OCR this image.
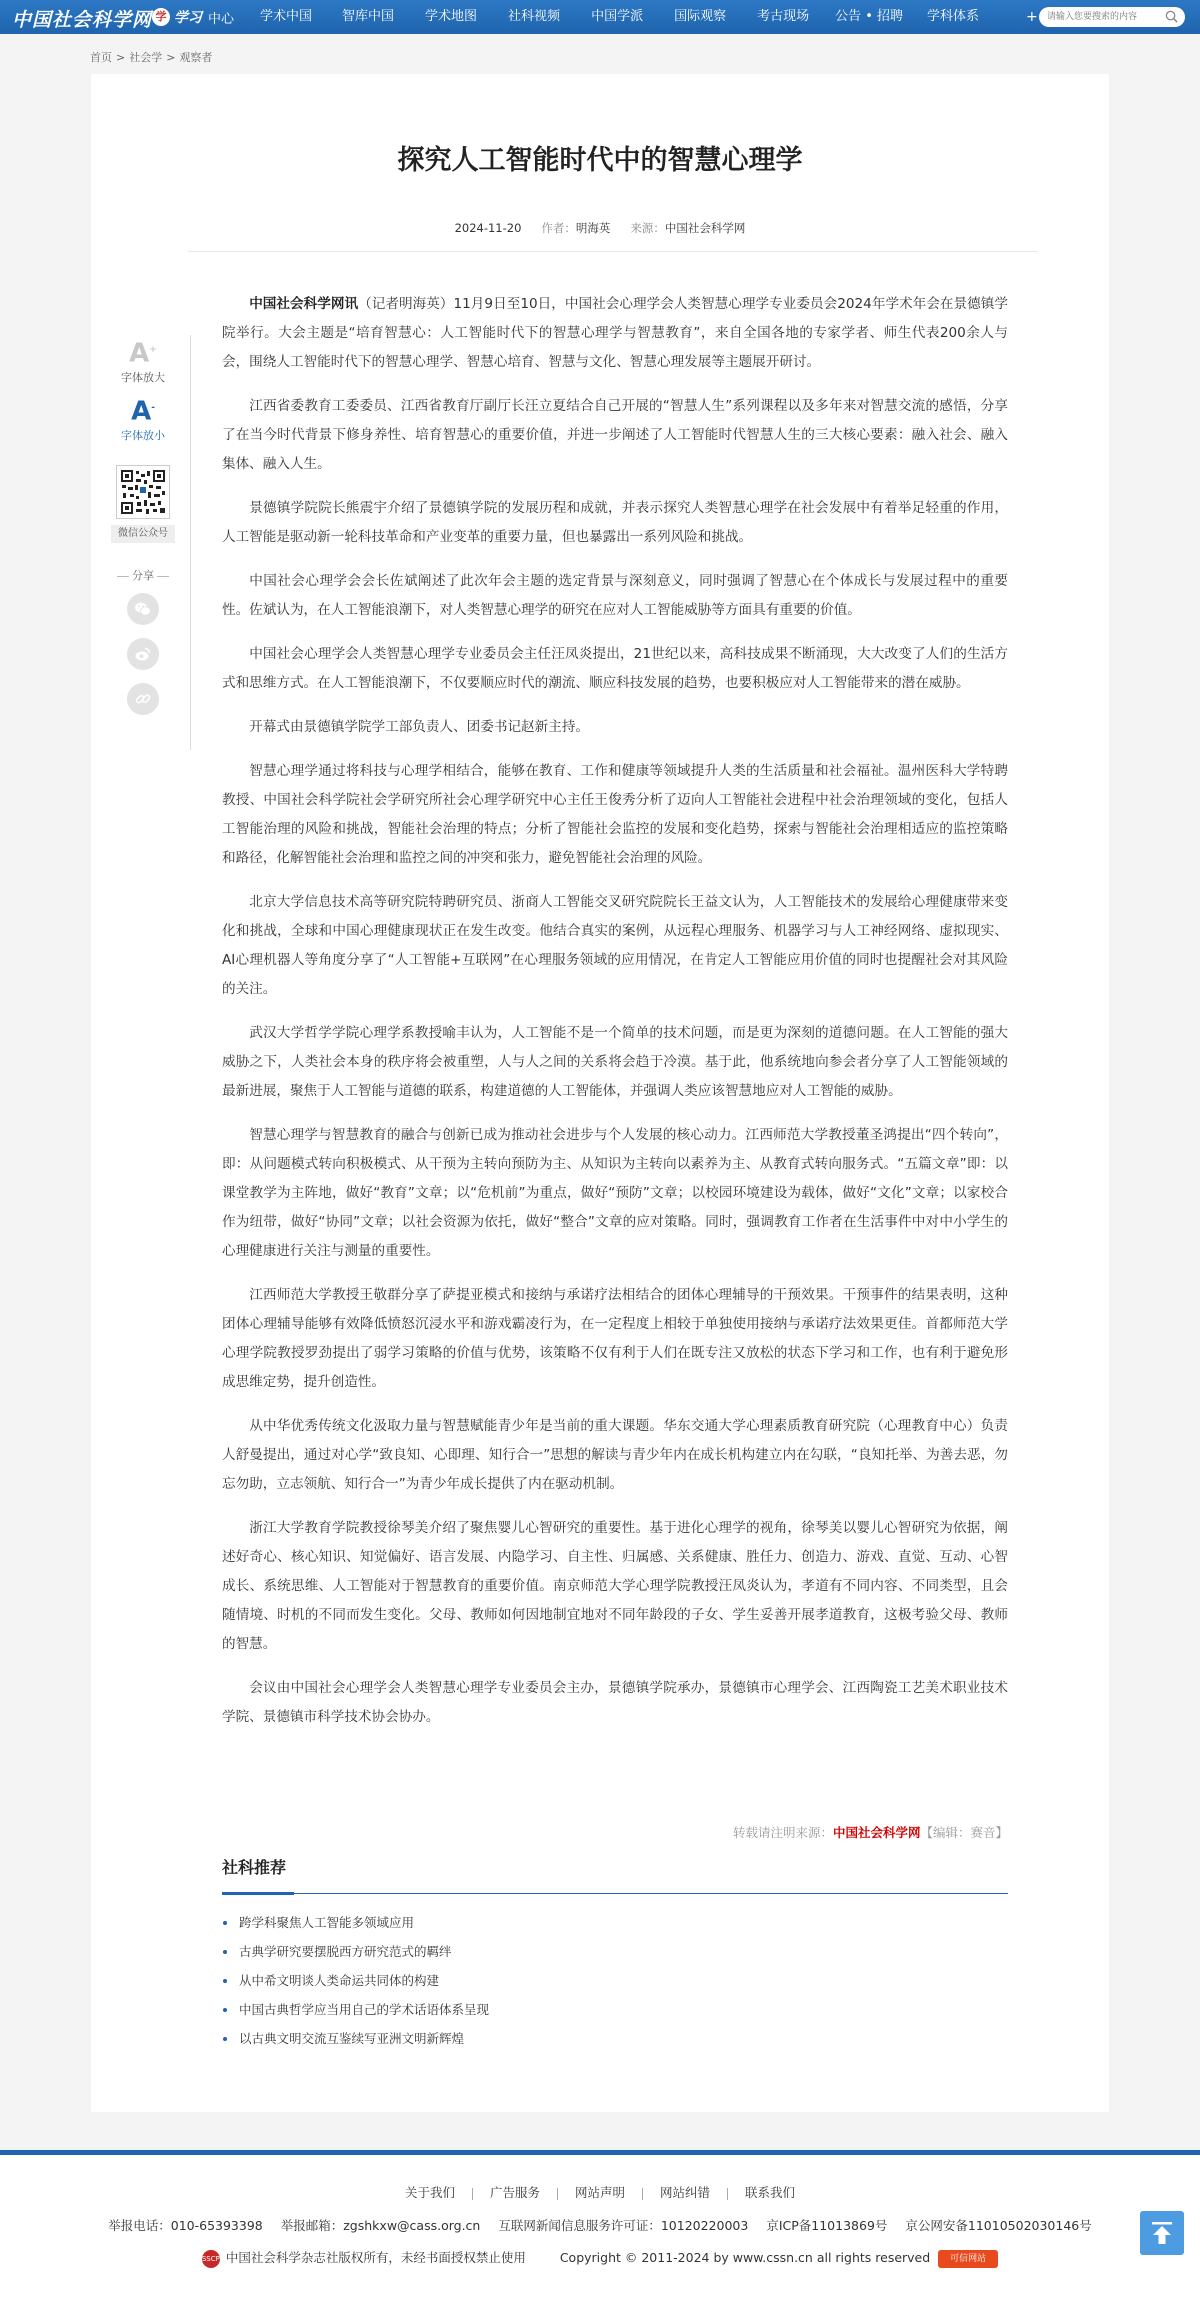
中国社会科学网 学 学习 中心 学术中国 智库中国 学术地图 社科视频 中国学派 国际观察 考古现场 公告 • 招聘 学科体系	+
请输入您要搜索的内容
首页 > 社会学 > 观察者
探究人工智能时代中的智慧心理学
2024-11-20 作者：明海英 来源：中国社会科学网
A+
字体放大
A-
字体放小
微信公众号
分享

中国社会科学网讯（记者明海英）11月9日至10日，中国社会心理学会人类智慧心理学专业委员会2024年学术年会在景德镇学院举行。大会主题是“培育智慧心：人工智能时代下的智慧心理学与智慧教育”，来自全国各地的专家学者、师生代表200余人与会，围绕人工智能时代下的智慧心理学、智慧心培育、智慧与文化、智慧心理发展等主题展开研讨。

江西省委教育工委委员、江西省教育厅副厅长汪立夏结合自己开展的“智慧人生”系列课程以及多年来对智慧交流的感悟，分享了在当今时代背景下修身养性、培育智慧心的重要价值，并进一步阐述了人工智能时代智慧人生的三大核心要素：融入社会、融入集体、融入人生。

景德镇学院院长熊震宇介绍了景德镇学院的发展历程和成就，并表示探究人类智慧心理学在社会发展中有着举足轻重的作用，人工智能是驱动新一轮科技革命和产业变革的重要力量，但也暴露出一系列风险和挑战。

中国社会心理学会会长佐斌阐述了此次年会主题的选定背景与深刻意义，同时强调了智慧心在个体成长与发展过程中的重要性。佐斌认为，在人工智能浪潮下，对人类智慧心理学的研究在应对人工智能威胁等方面具有重要的价值。

中国社会心理学会人类智慧心理学专业委员会主任汪凤炎提出，21世纪以来，高科技成果不断涌现，大大改变了人们的生活方式和思维方式。在人工智能浪潮下，不仅要顺应时代的潮流、顺应科技发展的趋势，也要积极应对人工智能带来的潜在威胁。

开幕式由景德镇学院学工部负责人、团委书记赵新主持。

智慧心理学通过将科技与心理学相结合，能够在教育、工作和健康等领域提升人类的生活质量和社会福祉。温州医科大学特聘教授、中国社会科学院社会学研究所社会心理学研究中心主任王俊秀分析了迈向人工智能社会进程中社会治理领域的变化，包括人工智能治理的风险和挑战，智能社会治理的特点；分析了智能社会监控的发展和变化趋势，探索与智能社会治理相适应的监控策略和路径，化解智能社会治理和监控之间的冲突和张力，避免智能社会治理的风险。

北京大学信息技术高等研究院特聘研究员、浙商人工智能交叉研究院院长王益文认为，人工智能技术的发展给心理健康带来变化和挑战，全球和中国心理健康现状正在发生改变。他结合真实的案例，从远程心理服务、机器学习与人工神经网络、虚拟现实、AI心理机器人等角度分享了“人工智能+互联网”在心理服务领域的应用情况，在肯定人工智能应用价值的同时也提醒社会对其风险的关注。

武汉大学哲学学院心理学系教授喻丰认为，人工智能不是一个简单的技术问题，而是更为深刻的道德问题。在人工智能的强大威胁之下，人类社会本身的秩序将会被重塑，人与人之间的关系将会趋于冷漠。基于此，他系统地向参会者分享了人工智能领域的最新进展，聚焦于人工智能与道德的联系，构建道德的人工智能体，并强调人类应该智慧地应对人工智能的威胁。

智慧心理学与智慧教育的融合与创新已成为推动社会进步与个人发展的核心动力。江西师范大学教授董圣鸿提出“四个转向”，即：从问题模式转向积极模式、从干预为主转向预防为主、从知识为主转向以素养为主、从教育式转向服务式。“五篇文章”即：以课堂教学为主阵地，做好“教育”文章；以“危机前”为重点，做好“预防”文章；以校园环境建设为载体，做好“文化”文章；以家校合作为纽带，做好“协同”文章；以社会资源为依托，做好“整合”文章的应对策略。同时，强调教育工作者在生活事件中对中小学生的心理健康进行关注与测量的重要性。

江西师范大学教授王敬群分享了萨提亚模式和接纳与承诺疗法相结合的团体心理辅导的干预效果。干预事件的结果表明，这种团体心理辅导能够有效降低愤怒沉浸水平和游戏霸凌行为，在一定程度上相较于单独使用接纳与承诺疗法效果更佳。首都师范大学心理学院教授罗劲提出了弱学习策略的价值与优势，该策略不仅有利于人们在既专注又放松的状态下学习和工作，也有利于避免形成思维定势，提升创造性。

从中华优秀传统文化汲取力量与智慧赋能青少年是当前的重大课题。华东交通大学心理素质教育研究院（心理教育中心）负责人舒曼提出，通过对心学“致良知、心即理、知行合一”思想的解读与青少年内在成长机构建立内在勾联，“良知托举、为善去恶，勿忘勿助，立志领航、知行合一”为青少年成长提供了内在驱动机制。

浙江大学教育学院教授徐琴美介绍了聚焦婴儿心智研究的重要性。基于进化心理学的视角，徐琴美以婴儿心智研究为依据，阐述好奇心、核心知识、知觉偏好、语言发展、内隐学习、自主性、归属感、关系健康、胜任力、创造力、游戏、直觉、互动、心智成长、系统思维、人工智能对于智慧教育的重要价值。南京师范大学心理学院教授汪凤炎认为，孝道有不同内容、不同类型，且会随情境、时机的不同而发生变化。父母、教师如何因地制宜地对不同年龄段的子女、学生妥善开展孝道教育，这极考验父母、教师的智慧。

会议由中国社会心理学会人类智慧心理学专业委员会主办，景德镇学院承办，景德镇市心理学会、江西陶瓷工艺美术职业技术学院、景德镇市科学技术协会协办。

转载请注明来源：中国社会科学网【编辑：赛音】
社科推荐
跨学科聚焦人工智能多领域应用
古典学研究要摆脱西方研究范式的羁绊
从中希文明谈人类命运共同体的构建
中国古典哲学应当用自己的学术话语体系呈现
以古典文明交流互鉴续写亚洲文明新辉煌
关于我们	广告服务	网站声明	网站纠错	联系我们
举报电话：010-65393398 举报邮箱：zgshkxw@cass.org.cn 互联网新闻信息服务许可证：10120220003 京ICP备11013869号 京公网安备11010502030146号
SSCP 中国社会科学杂志社版权所有，未经书面授权禁止使用	Copyright © 2011-2024 by www.cssn.cn all rights reserved 可信网站
